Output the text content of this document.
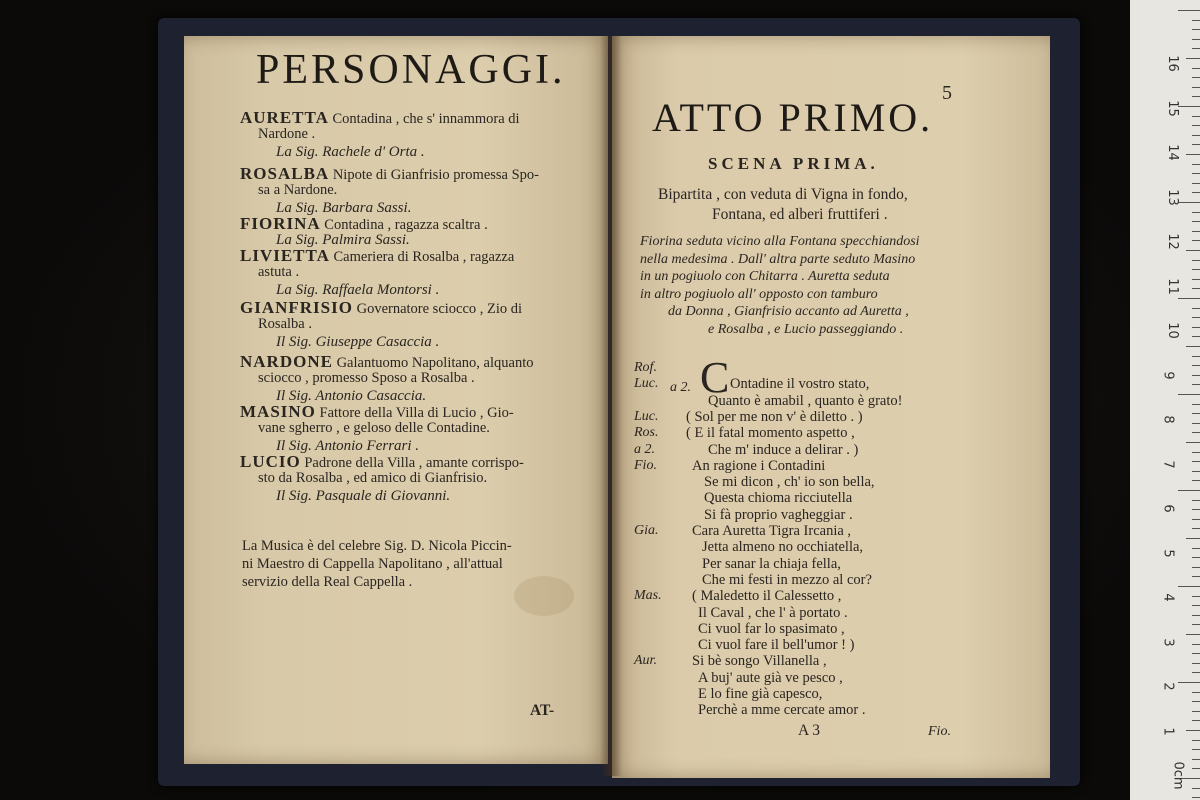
PERSONAGGI.
AT-
AURETTA Contadina , che s' innammora di
Nardone .
La Sig. Rachele d' Orta .
ROSALBA Nipote di Gianfrisio promessa Spo-
sa a Nardone.
La Sig. Barbara Sassi.
FIORINA Contadina , ragazza scaltra .
La Sig. Palmira Sassi.
LIVIETTA Cameriera di Rosalba , ragazza
astuta .
La Sig. Raffaela Montorsi .
GIANFRISIO Governatore sciocco , Zio di
Rosalba .
Il Sig. Giuseppe Casaccia .
NARDONE Galantuomo Napolitano, alquanto
sciocco , promesso Sposo a Rosalba .
Il Sig. Antonio Casaccia.
MASINO Fattore della Villa di Lucio , Gio-
vane sgherro , e geloso delle Contadine.
Il Sig. Antonio Ferrari .
LUCIO Padrone della Villa , amante corrispo-
sto da Rosalba , ed amico di Gianfrisio.
Il Sig. Pasquale di Giovanni.
La Musica è del celebre Sig. D. Nicola Piccin-
ni Maestro di Cappella Napolitano , all'attual
servizio della Real Cappella .
5
ATTO PRIMO.
SCENA PRIMA.
C
A 3	Fio.
Bipartita , con veduta di Vigna in fondo,
Fontana, ed alberi fruttiferi .
Fiorina seduta vicino alla Fontana specchiandosi
nella medesima . Dall' altra parte seduto Masino
in un pogiuolo con Chitarra . Auretta seduta
in altro pogiuolo all' opposto con tamburo
da Donna , Gianfrisio accanto ad Auretta ,
e Rosalba , e Lucio passeggiando .
Rof.
Luc. a 2.	Ontadine il vostro stato,
Quanto è amabil , quanto è grato!
Luc. ( Sol per me non v' è diletto . )
Ros. ( E il fatal momento aspetto ,
a 2.	Che m' induce a delirar . )
Fio. An ragione i Contadini
Se mi dicon , ch' io son bella,
Questa chioma ricciutella
Si fà proprio vagheggiar .
Gia. Cara Auretta Tigra Ircania ,
Jetta almeno no occhiatella,
Per sanar la chiaja fella,
Che mi festi in mezzo al cor?
Mas. ( Maledetto il Calessetto ,
Il Caval , che l' à portato .
Ci vuol far lo spasimato ,
Ci vuol fare il bell'umor ! )
Aur. Si bè songo Villanella ,
A buj' aute già ve pesco ,
E lo fine già capesco,
Perchè a mme cercate amor .
0cm
1
2
3
4
5
6
7
8
9
10
11
12
13
14
15
16
